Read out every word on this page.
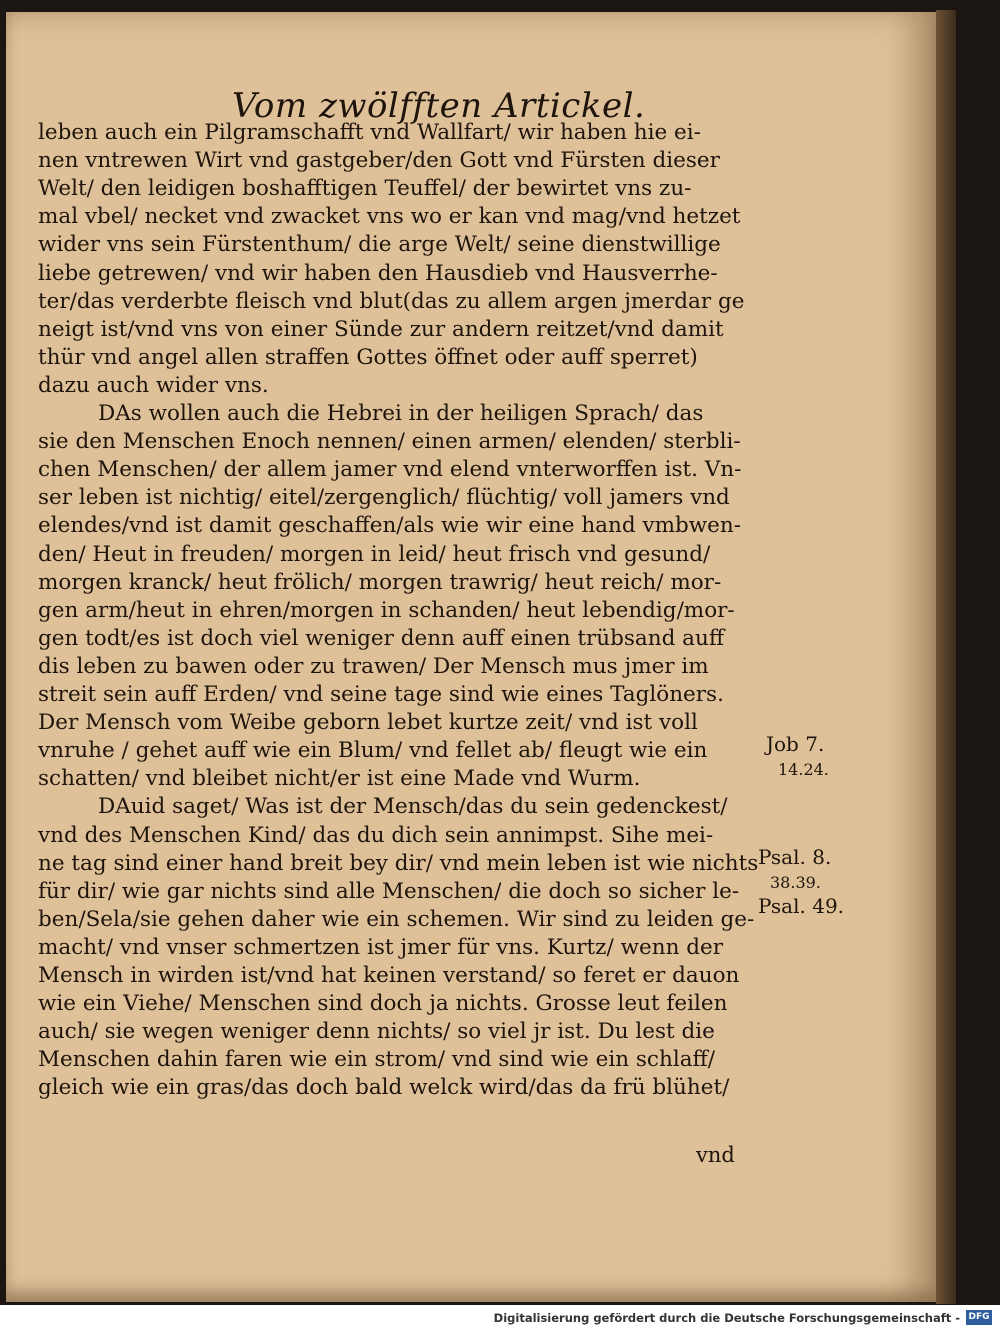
Vom zwölfften Artickel.
leben auch ein Pilgramschafft vnd Wallfart/ wir haben hie ei-
nen vntrewen Wirt vnd gastgeber/den Gott vnd Fürsten dieser
Welt/ den leidigen boshafftigen Teuffel/ der bewirtet vns zu-
mal vbel/ necket vnd zwacket vns wo er kan vnd mag/vnd hetzet
wider vns sein Fürstenthum/ die arge Welt/ seine dienstwillige
liebe getrewen/ vnd wir haben den Hausdieb vnd Hausverrhe-
ter/das verderbte fleisch vnd blut(das zu allem argen jmerdar ge
neigt ist/vnd vns von einer Sünde zur andern reitzet/vnd damit
thür vnd angel allen straffen Gottes öffnet oder auff sperret)
dazu auch wider vns.
DAs wollen auch die Hebrei in der heiligen Sprach/ das
sie den Menschen Enoch nennen/ einen armen/ elenden/ sterbli-
chen Menschen/ der allem jamer vnd elend vnterworffen ist. Vn-
ser leben ist nichtig/ eitel/zergenglich/ flüchtig/ voll jamers vnd
elendes/vnd ist damit geschaffen/als wie wir eine hand vmbwen-
den/ Heut in freuden/ morgen in leid/ heut frisch vnd gesund/
morgen kranck/ heut frölich/ morgen trawrig/ heut reich/ mor-
gen arm/heut in ehren/morgen in schanden/ heut lebendig/mor-
gen todt/es ist doch viel weniger denn auff einen trübsand auff
dis leben zu bawen oder zu trawen/ Der Mensch mus jmer im
streit sein auff Erden/ vnd seine tage sind wie eines Taglöners.
Der Mensch vom Weibe geborn lebet kurtze zeit/ vnd ist voll
vnruhe / gehet auff wie ein Blum/ vnd fellet ab/ fleugt wie ein
schatten/ vnd bleibet nicht/er ist eine Made vnd Wurm.
DAuid saget/ Was ist der Mensch/das du sein gedenckest/
vnd des Menschen Kind/ das du dich sein annimpst. Sihe mei-
ne tag sind einer hand breit bey dir/ vnd mein leben ist wie nichts
für dir/ wie gar nichts sind alle Menschen/ die doch so sicher le-
ben/Sela/sie gehen daher wie ein schemen. Wir sind zu leiden ge-
macht/ vnd vnser schmertzen ist jmer für vns. Kurtz/ wenn der
Mensch in wirden ist/vnd hat keinen verstand/ so feret er dauon
wie ein Viehe/ Menschen sind doch ja nichts. Grosse leut feilen
auch/ sie wegen weniger denn nichts/ so viel jr ist. Du lest die
Menschen dahin faren wie ein strom/ vnd sind wie ein schlaff/
gleich wie ein gras/das doch bald welck wird/das da frü blühet/
Job 7.
14.24.
Psal. 8.
38.39.
Psal. 49.
vnd
Digitalisierung gefördert durch die Deutsche Forschungsgemeinschaft - DFG
